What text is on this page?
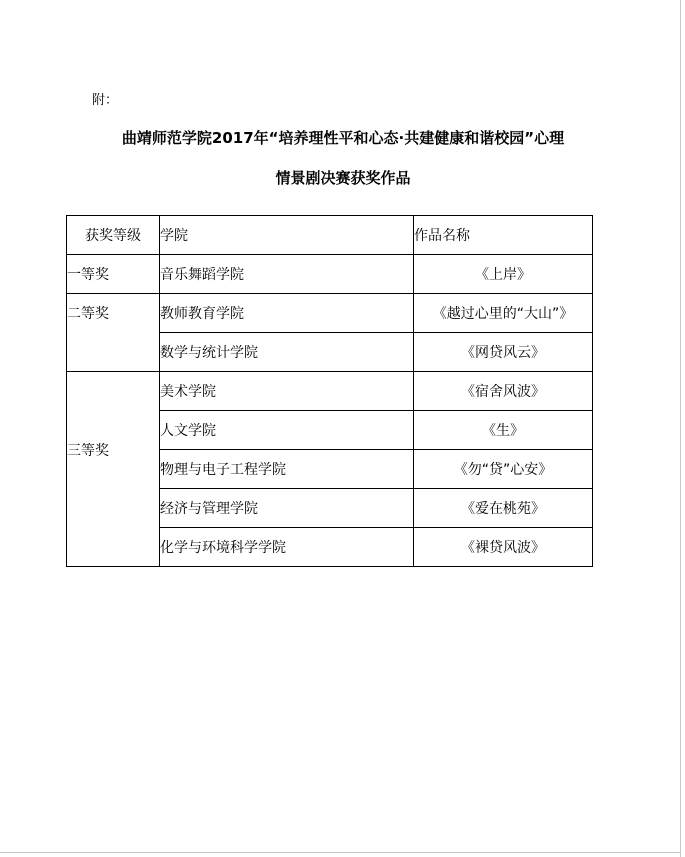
附：
曲靖师范学院2017年“培养理性平和心态·共建健康和谐校园”心理
情景剧决赛获奖作品
获奖等级	学院	作品名称
一等奖	音乐舞蹈学院	《上岸》
二等奖	教师教育学院	《越过心里的“大山”》
	数学与统计学院	《网贷风云》
三等奖	美术学院	《宿舍风波》
	人文学院	《生》
	物理与电子工程学院	《勿“贷”心安》
	经济与管理学院	《爱在桃苑》
	化学与环境科学学院	《裸贷风波》
